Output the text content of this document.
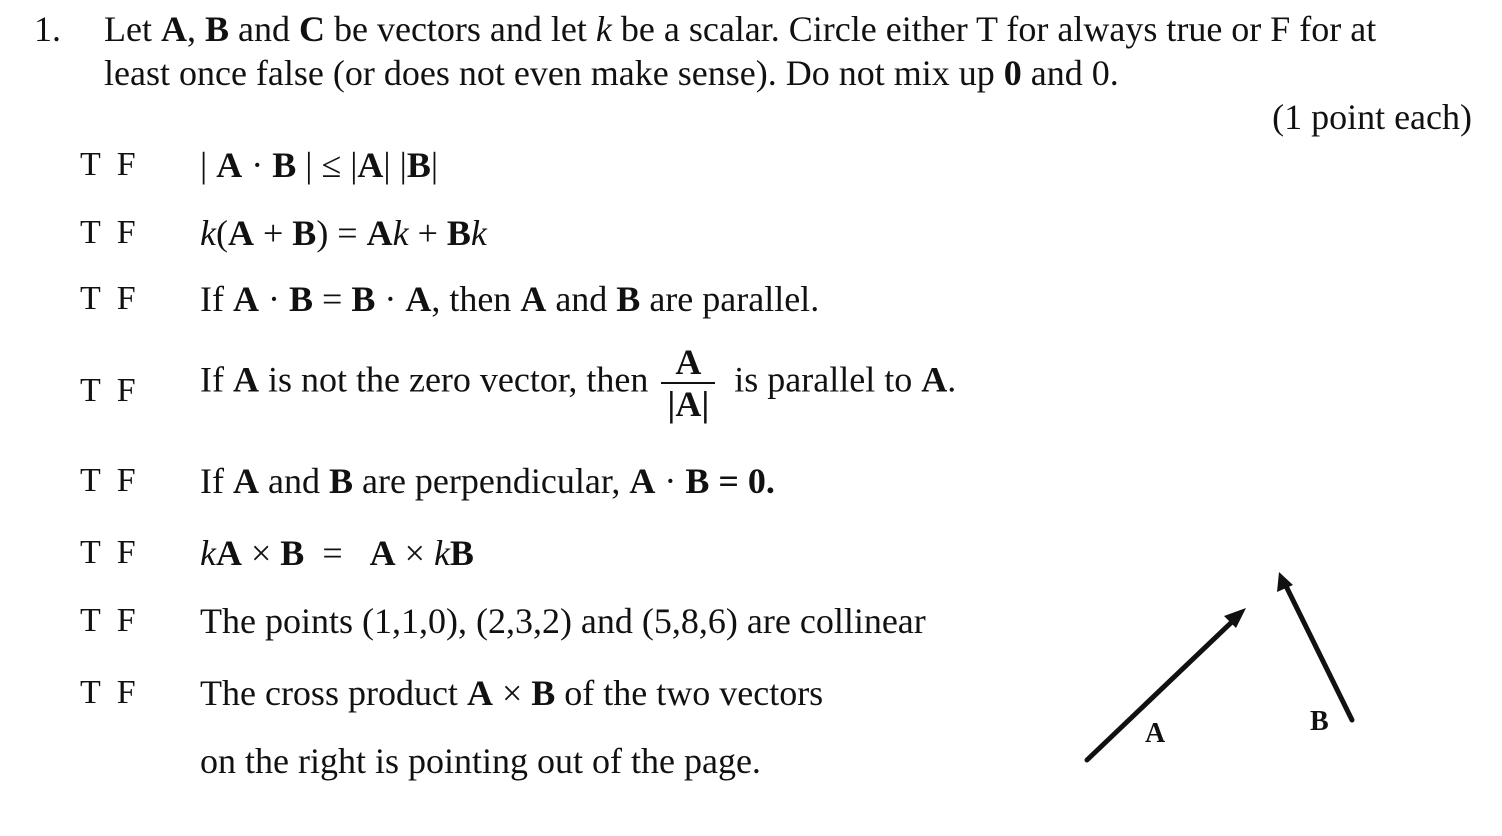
1. Let A, B and C be vectors and let k be a scalar. Circle either T for always true or F for at
least once false (or does not even make sense). Do not mix up 0 and 0.
(1 point each)
T F | A · B | ≤ |A| |B|
T F k(A + B) = Ak + Bk
T F If A · B = B · A, then A and B are parallel.
T F If A is not the zero vector, then $\frac{A}{|A|}$ is parallel to A.
T F If A and B are perpendicular, A · B = 0.
T F kA × B  =   A × kB
T F The points (1,1,0), (2,3,2) and (5,8,6) are collinear
T F The cross product A × B of the two vectors
on the right is pointing out of the page.
A	B
